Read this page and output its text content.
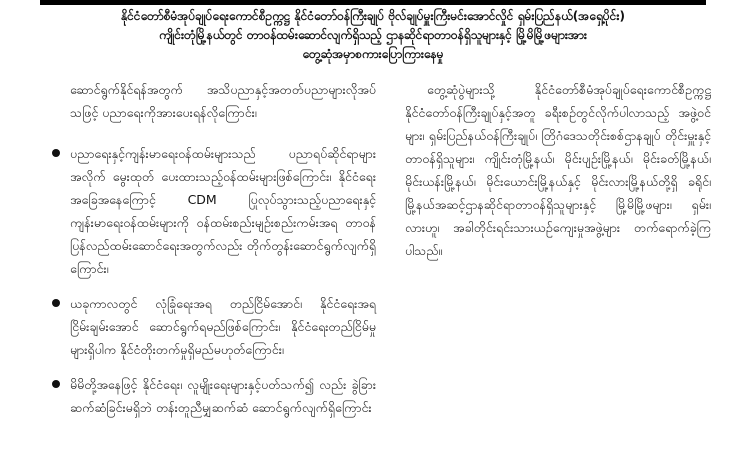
နိုင်ငံတော်စီမံအုပ်ချုပ်ရေးကောင်စီဥက္ကဋ္ဌ နိုင်ငံတော်ဝန်ကြီးချုပ် ဗိုလ်ချုပ်မှူးကြီးမင်းအောင်လှိုင် ရှမ်းပြည်နယ်(အရှေ့ပိုင်း)
ကျိုင်းတုံမြို့နယ်တွင် တာဝန်ထမ်းဆောင်လျက်ရှိသည့် ဌာနဆိုင်ရာတာဝန်ရှိသူများနှင့် မြို့မိမြို့ဖများအား
တွေ့ဆုံအမှာစကားပြောကြားနေမှု

ဆောင်ရွက်နိုင်ရန်အတွက် အသိပညာနှင့်အတတ်ပညာများလိုအပ်သဖြင့် ပညာရေးကိုအားပေးရန်လိုကြောင်း၊

ပညာရေးနှင့်ကျန်းမာရေးဝန်ထမ်းများသည် ပညာရပ်ဆိုင်ရာများအလိုက် မွေးထုတ် ပေးထားသည့်ဝန်ထမ်းများဖြစ်ကြောင်း၊ နိုင်ငံရေးအခြေအနေကြောင့် CDM ပြုလုပ်သွားသည့်ပညာရေးနှင့် ကျန်းမာရေးဝန်ထမ်းများကို ဝန်ထမ်းစည်းမျဉ်းစည်းကမ်းအရ တာဝန်ပြန်လည်ထမ်းဆောင်ရေးအတွက်လည်း တိုက်တွန်းဆောင်ရွက်လျက်ရှိကြောင်း၊
ယခုကာလတွင် လုံခြုံရေးအရ တည်ငြိမ်အောင်၊ နိုင်ငံရေးအရ ငြိမ်းချမ်းအောင် ဆောင်ရွက်ရမည်ဖြစ်ကြောင်း၊ နိုင်ငံရေးတည်ငြိမ်မှုများရှိပါက နိုင်ငံတိုးတက်မှုရှိမည်မဟုတ်ကြောင်း၊
မိမိတို့အနေဖြင့် နိုင်ငံရေး၊ လူမျိုးရေးများနှင့်ပတ်သက်၍ လည်း ခွဲခြားဆက်ဆံခြင်းမရှိဘဲ တန်းတူညီမျှဆက်ဆံ ဆောင်ရွက်လျက်ရှိကြောင်း

တွေ့ဆုံပွဲများသို့ နိုင်ငံတော်စီမံအုပ်ချုပ်ရေးကောင်စီဥက္ကဋ္ဌ နိုင်ငံတော်ဝန်ကြီးချုပ်နှင့်အတူ ခရီးစဉ်တွင်လိုက်ပါလာသည့် အဖွဲ့ဝင်များ၊ ရှမ်းပြည်နယ်ဝန်ကြီးချုပ်၊ တြိဂံဒေသတိုင်းစစ်ဌာနချုပ် တိုင်းမှူးနှင့် တာဝန်ရှိသူများ၊ ကျိုင်းတုံမြို့နယ်၊ မိုင်းပျဉ်းမြို့နယ်၊ မိုင်းခတ်မြို့နယ်၊ မိုင်းယန်းမြို့နယ်၊ မိုင်းယောင်းမြို့နယ်နှင့် မိုင်းလားမြို့နယ်တို့ရှိ ခရိုင်၊ မြို့နယ်အဆင့်ဌာနဆိုင်ရာတာဝန်ရှိသူများနှင့် မြို့မိမြို့ဖများ၊ ရှမ်း၊ လားဟူ၊ အခါတိုင်းရင်းသားယဉ်ကျေးမှုအဖွဲ့များ တက်ရောက်ခဲ့ကြပါသည်။
